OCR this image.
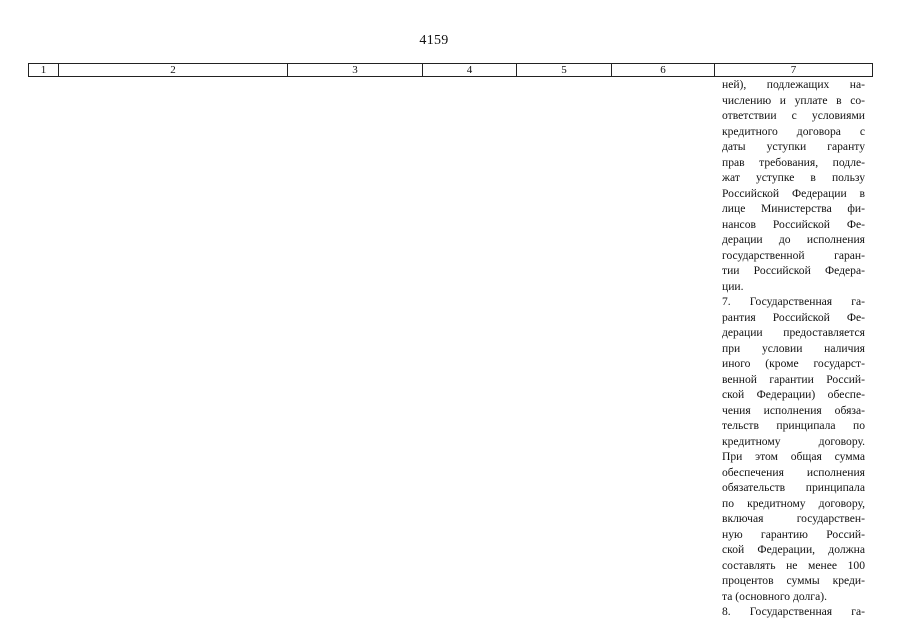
4159
1	2	3	4	5	6	7
ней), подлежащих на-
числению и уплате в со-
ответствии с условиями
кредитного договора с
даты уступки гаранту
прав требования, подле-
жат уступке в пользу
Российской Федерации в
лице Министерства фи-
нансов Российской Фе-
дерации до исполнения
государственной гаран-
тии Российской Федера-
ции.
7. Государственная га-
рантия Российской Фе-
дерации предоставляется
при условии наличия
иного (кроме государст-
венной гарантии Россий-
ской Федерации) обеспе-
чения исполнения обяза-
тельств принципала по
кредитному договору.
При этом общая сумма
обеспечения исполнения
обязательств принципала
по кредитному договору,
включая государствен-
ную гарантию Россий-
ской Федерации, должна
составлять не менее 100
процентов суммы креди-
та (основного долга).
8. Государственная га-
